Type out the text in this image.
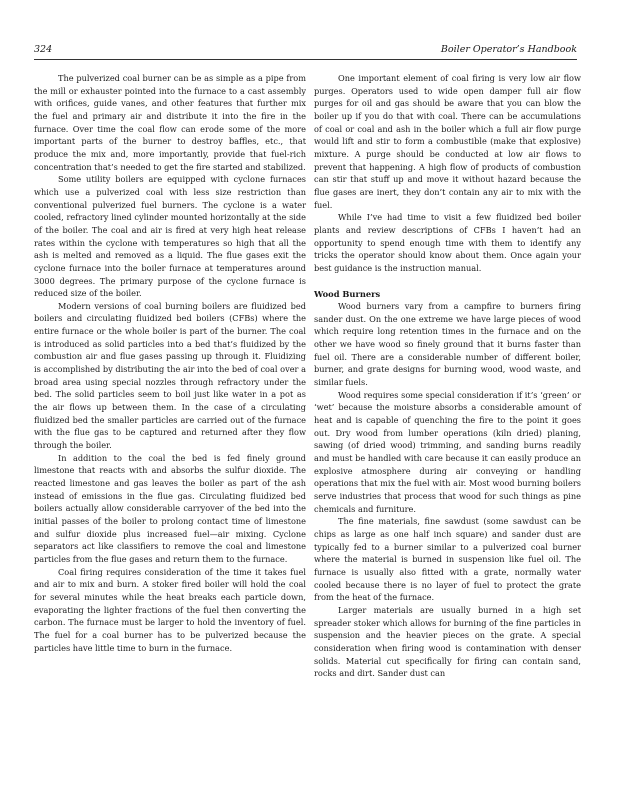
324	Boiler Operator’s Handbook

The pulverized coal burner can be as simple as a pipe from the mill or exhauster pointed into the furnace to a cast assembly with orifices, guide vanes, and other features that further mix the fuel and primary air and distribute it into the fire in the furnace. Over time the coal flow can erode some of the more important parts of the burner to destroy baffles, etc., that produce the mix and, more importantly, provide that fuel-rich concentration that’s needed to get the fire started and stabilized.

Some utility boilers are equipped with cyclone furnaces which use a pulverized coal with less size restriction than conventional pulverized fuel burners. The cyclone is a water cooled, refractory lined cylinder mounted horizontally at the side of the boiler. The coal and air is fired at very high heat release rates within the cyclone with temperatures so high that all the ash is melted and removed as a liquid. The flue gases exit the cyclone furnace into the boiler furnace at temperatures around 3000 degrees. The primary purpose of the cyclone furnace is reduced size of the boiler.

Modern versions of coal burning boilers are fluidized bed boilers and circulating fluidized bed boilers (CFBs) where the entire furnace or the whole boiler is part of the burner. The coal is introduced as solid particles into a bed that’s fluidized by the combustion air and flue gases passing up through it. Fluidizing is accomplished by distributing the air into the bed of coal over a broad area using special nozzles through refractory under the bed. The solid particles seem to boil just like water in a pot as the air flows up between them. In the case of a circulating fluidized bed the smaller particles are carried out of the furnace with the flue gas to be captured and returned after they flow through the boiler.

In addition to the coal the bed is fed finely ground limestone that reacts with and absorbs the sulfur dioxide. The reacted limestone and gas leaves the boiler as part of the ash instead of emissions in the flue gas. Circulating fluidized bed boilers actually allow considerable carryover of the bed into the initial passes of the boiler to prolong contact time of limestone and sulfur dioxide plus increased fuel—air mixing. Cyclone separators act like classifiers to remove the coal and limestone particles from the flue gases and return them to the furnace.

Coal firing requires consideration of the time it takes fuel and air to mix and burn. A stoker fired boiler will hold the coal for several minutes while the heat breaks each particle down, evaporating the lighter fractions of the fuel then converting the carbon. The furnace must be larger to hold the inventory of fuel. The fuel for a coal burner has to be pulverized because the particles have little time to burn in the furnace.

One important element of coal firing is very low air flow purges. Operators used to wide open damper full air flow purges for oil and gas should be aware that you can blow the boiler up if you do that with coal. There can be accumulations of coal or coal and ash in the boiler which a full air flow purge would lift and stir to form a combustible (make that explosive) mixture. A purge should be conducted at low air flows to prevent that happening. A high flow of products of combustion can stir that stuff up and move it without hazard because the flue gases are inert, they don’t contain any air to mix with the fuel.

While I’ve had time to visit a few fluidized bed boiler plants and review descriptions of CFBs I haven’t had an opportunity to spend enough time with them to identify any tricks the operator should know about them. Once again your best guidance is the instruction manual.

Wood Burners

Wood burners vary from a campfire to burners firing sander dust. On the one extreme we have large pieces of wood which require long retention times in the furnace and on the other we have wood so finely ground that it burns faster than fuel oil. There are a considerable number of different boiler, burner, and grate designs for burning wood, wood waste, and similar fuels.

Wood requires some special consideration if it’s ‘green’ or ‘wet’ because the moisture absorbs a considerable amount of heat and is capable of quenching the fire to the point it goes out. Dry wood from lumber operations (kiln dried) planing, sawing (of dried wood) trimming, and sanding burns readily and must be handled with care because it can easily produce an explosive atmosphere during air conveying or handling operations that mix the fuel with air. Most wood burning boilers serve industries that process that wood for such things as pine chemicals and furniture.

The fine materials, fine sawdust (some sawdust can be chips as large as one half inch square) and sander dust are typically fed to a burner similar to a pulverized coal burner where the material is burned in suspension like fuel oil. The furnace is usually also fitted with a grate, normally water cooled because there is no layer of fuel to protect the grate from the heat of the furnace.

Larger materials are usually burned in a high set spreader stoker which allows for burning of the fine particles in suspension and the heavier pieces on the grate. A special consideration when firing wood is contamination with denser solids. Material cut specifically for firing can contain sand, rocks and dirt. Sander dust can
